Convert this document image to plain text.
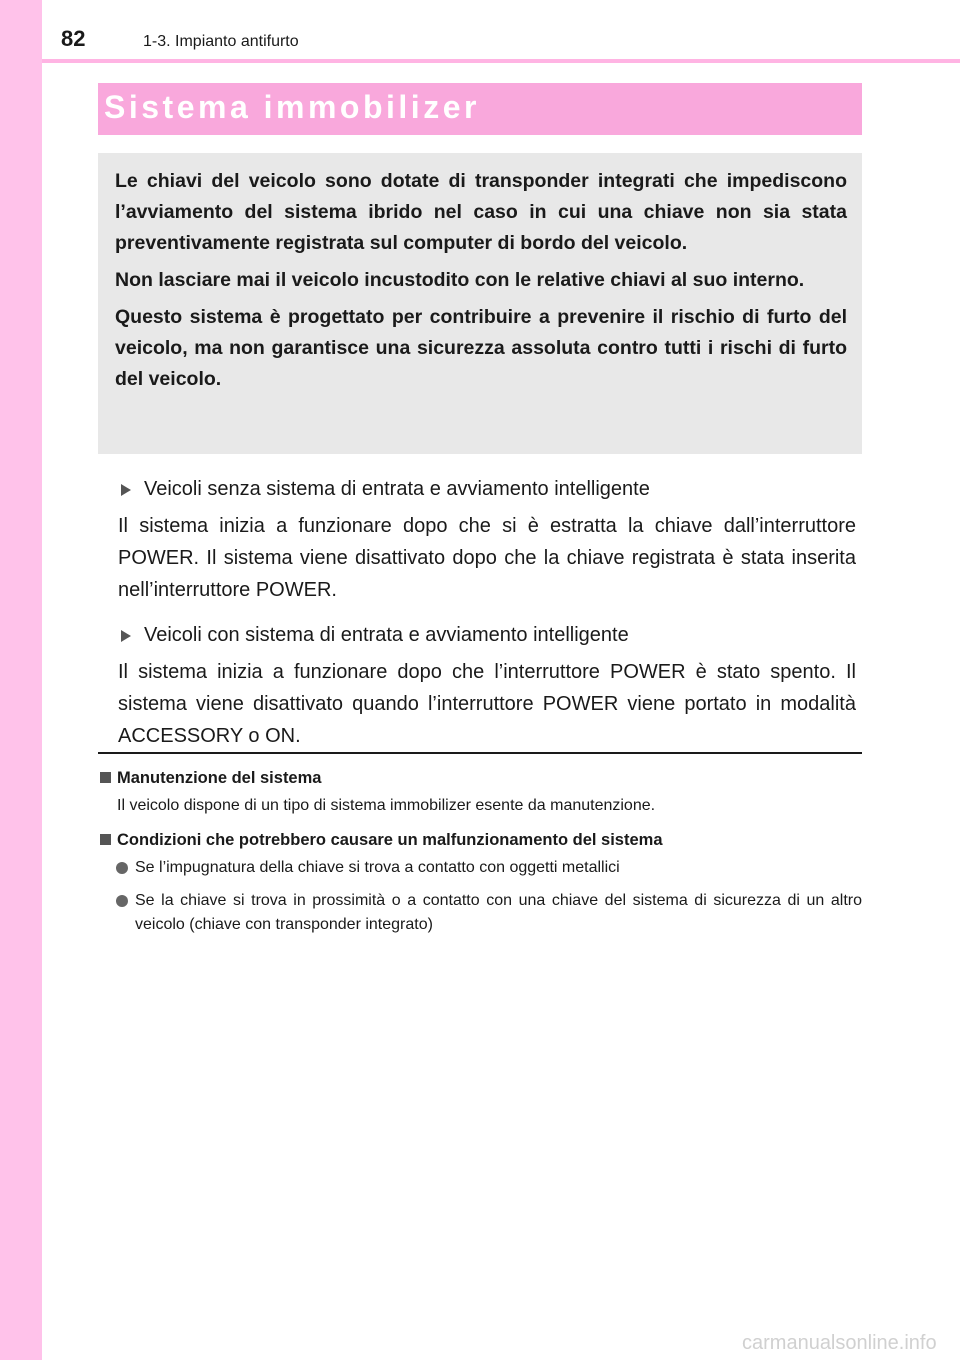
82	1-3. Impianto antifurto
Sistema immobilizer

Le chiavi del veicolo sono dotate di transponder integrati che impediscono l’avviamento del sistema ibrido nel caso in cui una chiave non sia stata preventivamente registrata sul computer di bordo del veicolo.

Non lasciare mai il veicolo incustodito con le relative chiavi al suo interno.

Questo sistema è progettato per contribuire a prevenire il rischio di furto del veicolo, ma non garantisce una sicurezza assoluta contro tutti i rischi di furto del veicolo.

Veicoli senza sistema di entrata e avviamento intelligente

Il sistema inizia a funzionare dopo che si è estratta la chiave dall’interruttore POWER. Il sistema viene disattivato dopo che la chiave registrata è stata inserita nell’interruttore POWER.

Veicoli con sistema di entrata e avviamento intelligente

Il sistema inizia a funzionare dopo che l’interruttore POWER è stato spento. Il sistema viene disattivato quando l’interruttore POWER viene portato in modalità ACCESSORY o ON.

Manutenzione del sistema
Il veicolo dispone di un tipo di sistema immobilizer esente da manutenzione.
Condizioni che potrebbero causare un malfunzionamento del sistema
Se l’impugnatura della chiave si trova a contatto con oggetti metallici
Se la chiave si trova in prossimità o a contatto con una chiave del sistema di sicurezza di un altro veicolo (chiave con transponder integrato)
carmanualsonline.info
